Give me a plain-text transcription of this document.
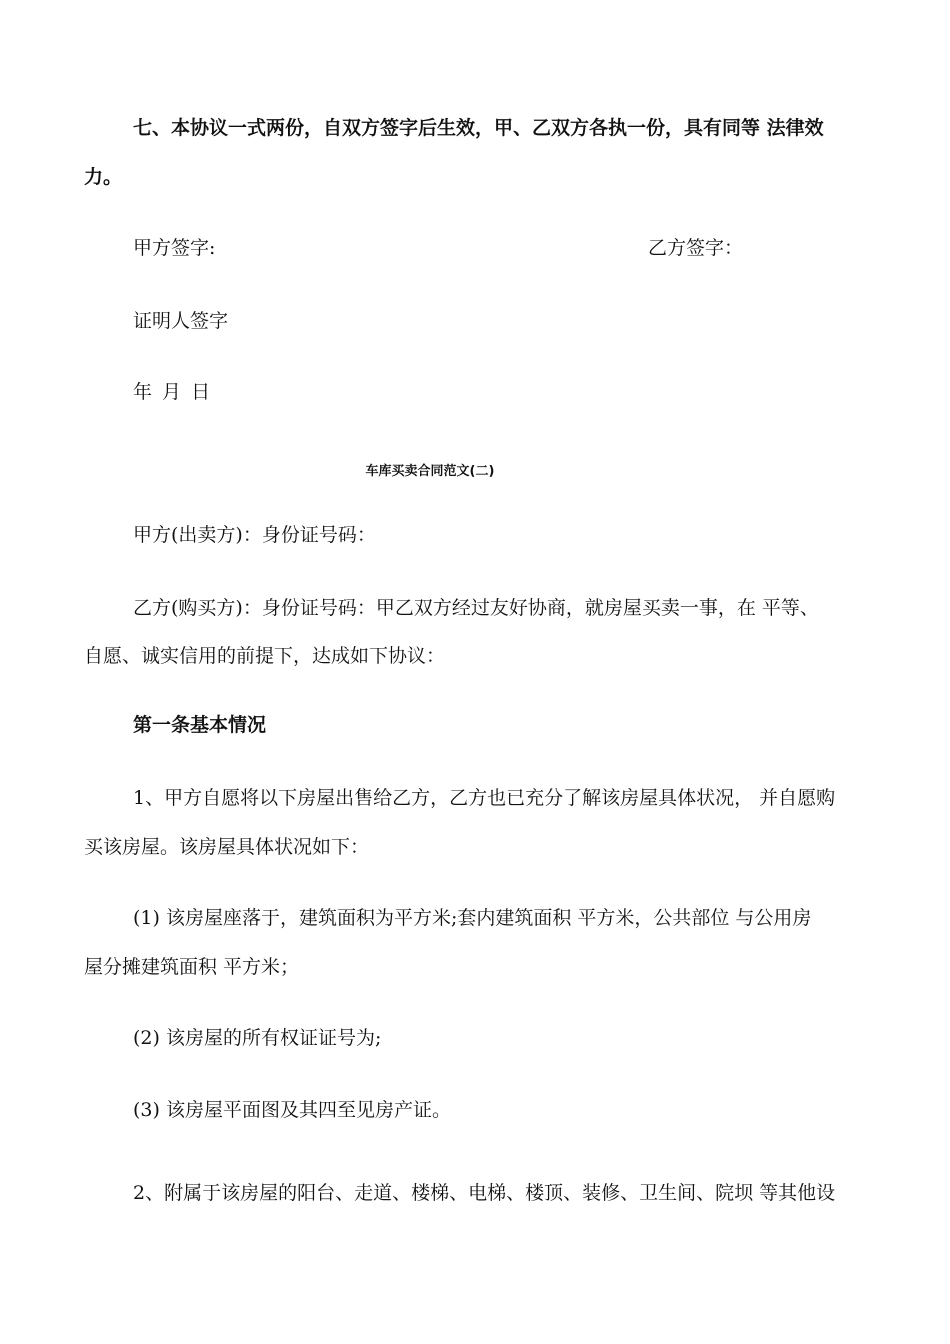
七、本协议一式两份，自双方签字后生效，甲、乙双方各执一份，具有同等 法律效
力。
甲方签字:	乙方签字：
证明人签字
年 月 日
车库买卖合同范文(二)
甲方(出卖方)：身份证号码：
乙方(购买方)：身份证号码：甲乙双方经过友好协商，就房屋买卖一事，在 平等、
自愿、诚实信用的前提下，达成如下协议：
第一条基本情况
1、甲方自愿将以下房屋出售给乙方，乙方也已充分了解该房屋具体状况， 并自愿购
买该房屋。该房屋具体状况如下：
(1) 该房屋座落于，建筑面积为平方米;套内建筑面积 平方米，公共部位 与公用房
屋分摊建筑面积 平方米；
(2) 该房屋的所有权证证号为;
(3) 该房屋平面图及其四至见房产证。
2、附属于该房屋的阳台、走道、楼梯、电梯、楼顶、装修、卫生间、院坝 等其他设
